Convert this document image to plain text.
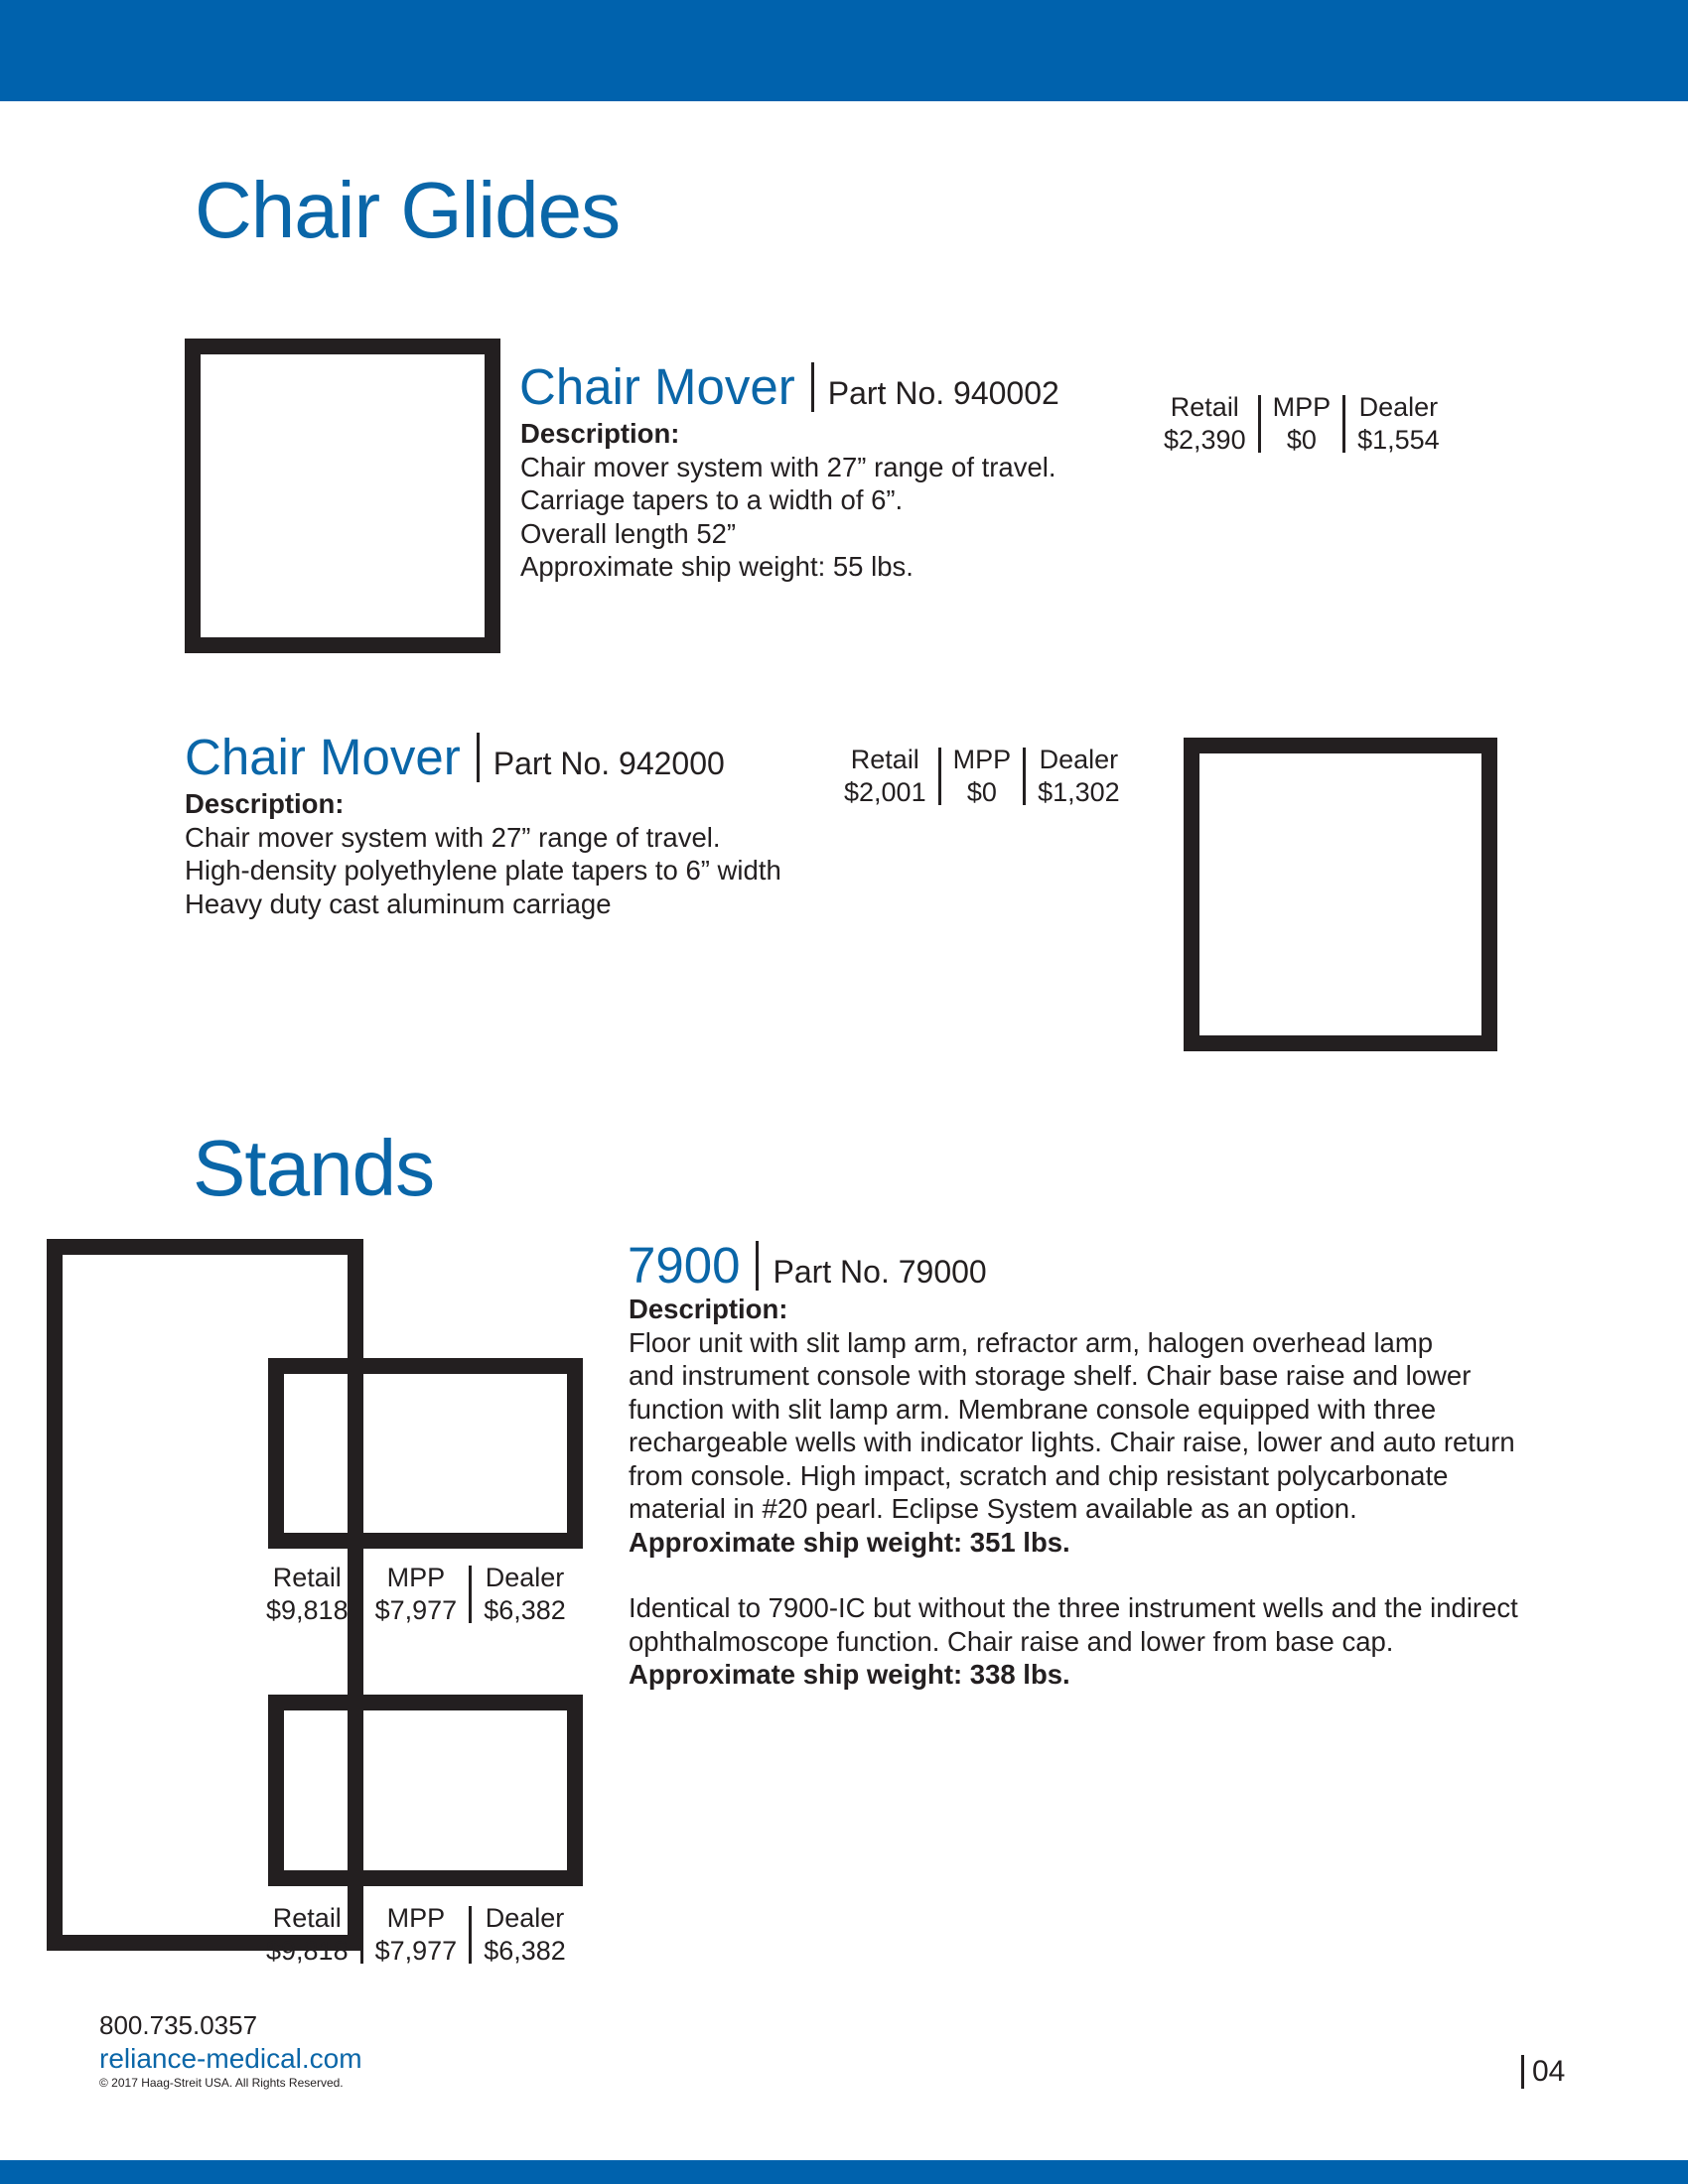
Chair Glides
Chair Mover Part No. 940002
Description:
Chair mover system with 27” range of travel.
Carriage tapers to a width of 6”.
Overall length 52”
Approximate ship weight: 55 lbs.
Retail
$2,390
MPP
$0
Dealer
$1,554
Chair Mover Part No. 942000
Description:
Chair mover system with 27” range of travel.
High-density polyethylene plate tapers to 6” width
Heavy duty cast aluminum carriage
Retail
$2,001
MPP
$0
Dealer
$1,302
Stands
7900 Part No. 79000
Description:
Floor unit with slit lamp arm, refractor arm, halogen overhead lamp
and instrument console with storage shelf. Chair base raise and lower
function with slit lamp arm. Membrane console equipped with three
rechargeable wells with indicator lights. Chair raise, lower and auto return
from console. High impact, scratch and chip resistant polycarbonate
material in #20 pearl. Eclipse System available as an option.
Approximate ship weight: 351 lbs.
Identical to 7900-IC but without the three instrument wells and the indirect
ophthalmoscope function. Chair raise and lower from base cap.
Approximate ship weight: 338 lbs.
Retail
$9,818
MPP
$7,977
Dealer
$6,382
Retail
$9,818
MPP
$7,977
Dealer
$6,382
800.735.0357
reliance-medical.com
© 2017 Haag-Streit USA. All Rights Reserved.	04
